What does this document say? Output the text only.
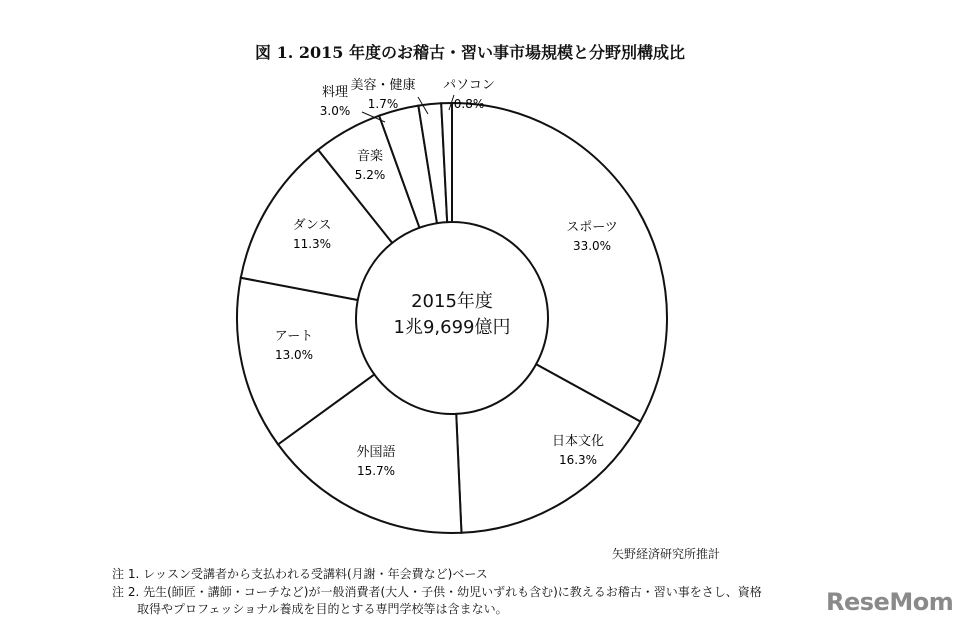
図 1. 2015 年度のお稽古・習い事市場規模と分野別構成比
スポーツ
33.0%
日本文化
16.3%
外国語
15.7%
アート
13.0%
ダンス
11.3%
音楽
5.2%
料理
3.0%
美容・健康
1.7%
パソコン
0.8%
2015年度
1兆9,699億円
矢野経済研究所推計
注 1. レッスン受講者から支払われる受講料(月謝・年会費など)ベース
注 2. 先生(師匠・講師・コーチなど)が一般消費者(大人・子供・幼児いずれも含む)に教えるお稽古・習い事をさし、資格
取得やプロフェッショナル養成を目的とする専門学校等は含まない。	ReseMom
